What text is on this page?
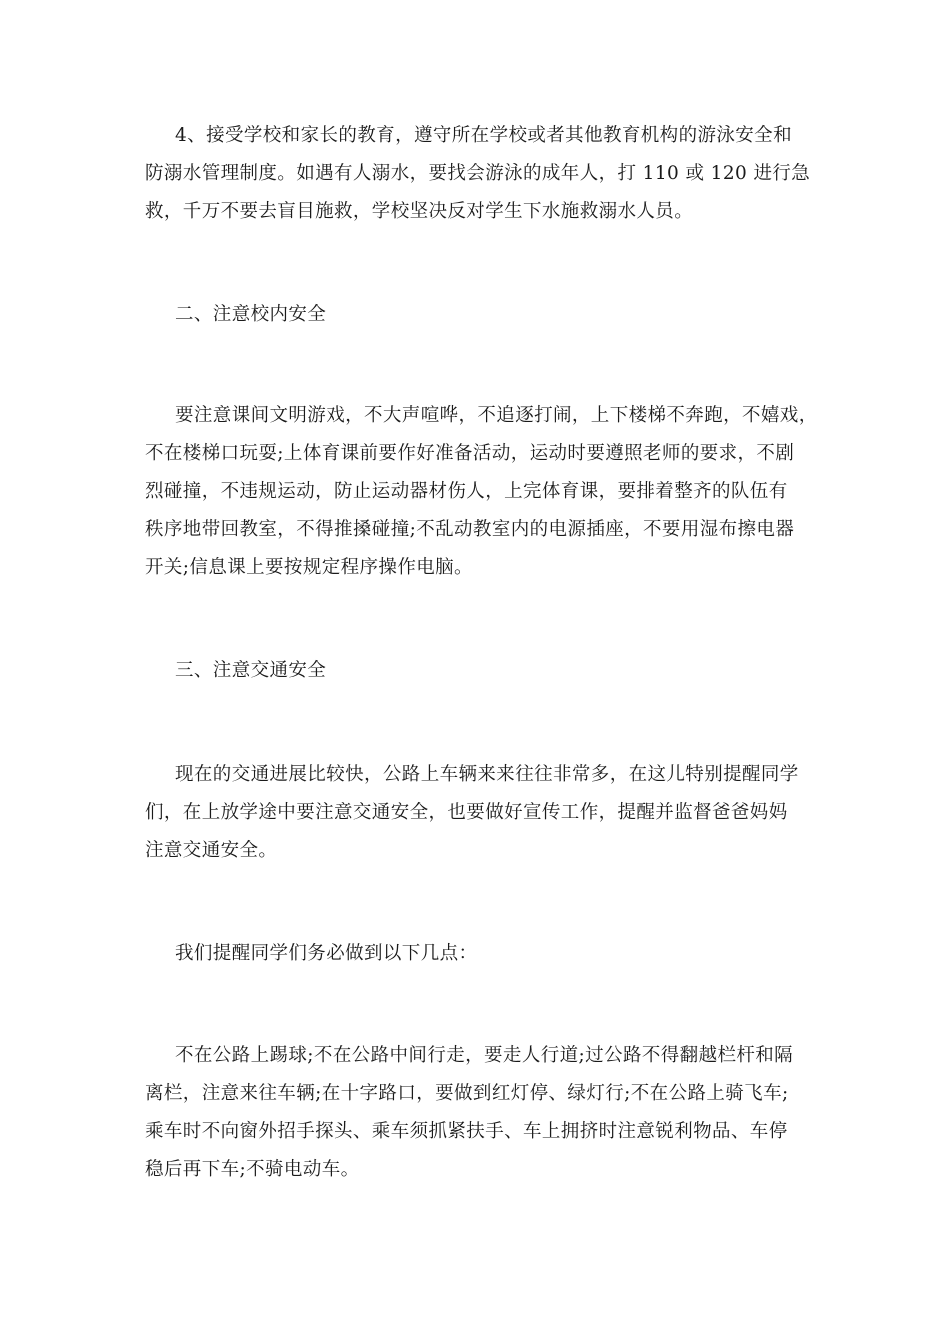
4、接受学校和家长的教育，遵守所在学校或者其他教育机构的游泳安全和
防溺水管理制度。如遇有人溺水，要找会游泳的成年人，打 110 或 120 进行急
救，千万不要去盲目施救，学校坚决反对学生下水施救溺水人员。
二、注意校内安全
要注意课间文明游戏，不大声喧哗，不追逐打闹，上下楼梯不奔跑，不嬉戏，
不在楼梯口玩耍;上体育课前要作好准备活动，运动时要遵照老师的要求，不剧
烈碰撞，不违规运动，防止运动器材伤人，上完体育课，要排着整齐的队伍有
秩序地带回教室，不得推搡碰撞;不乱动教室内的电源插座，不要用湿布擦电器
开关;信息课上要按规定程序操作电脑。
三、注意交通安全
现在的交通进展比较快，公路上车辆来来往往非常多，在这儿特别提醒同学
们，在上放学途中要注意交通安全，也要做好宣传工作，提醒并监督爸爸妈妈
注意交通安全。
我们提醒同学们务必做到以下几点：
不在公路上踢球;不在公路中间行走，要走人行道;过公路不得翻越栏杆和隔
离栏，注意来往车辆;在十字路口，要做到红灯停、绿灯行;不在公路上骑飞车;
乘车时不向窗外招手探头、乘车须抓紧扶手、车上拥挤时注意锐利物品、车停
稳后再下车;不骑电动车。
